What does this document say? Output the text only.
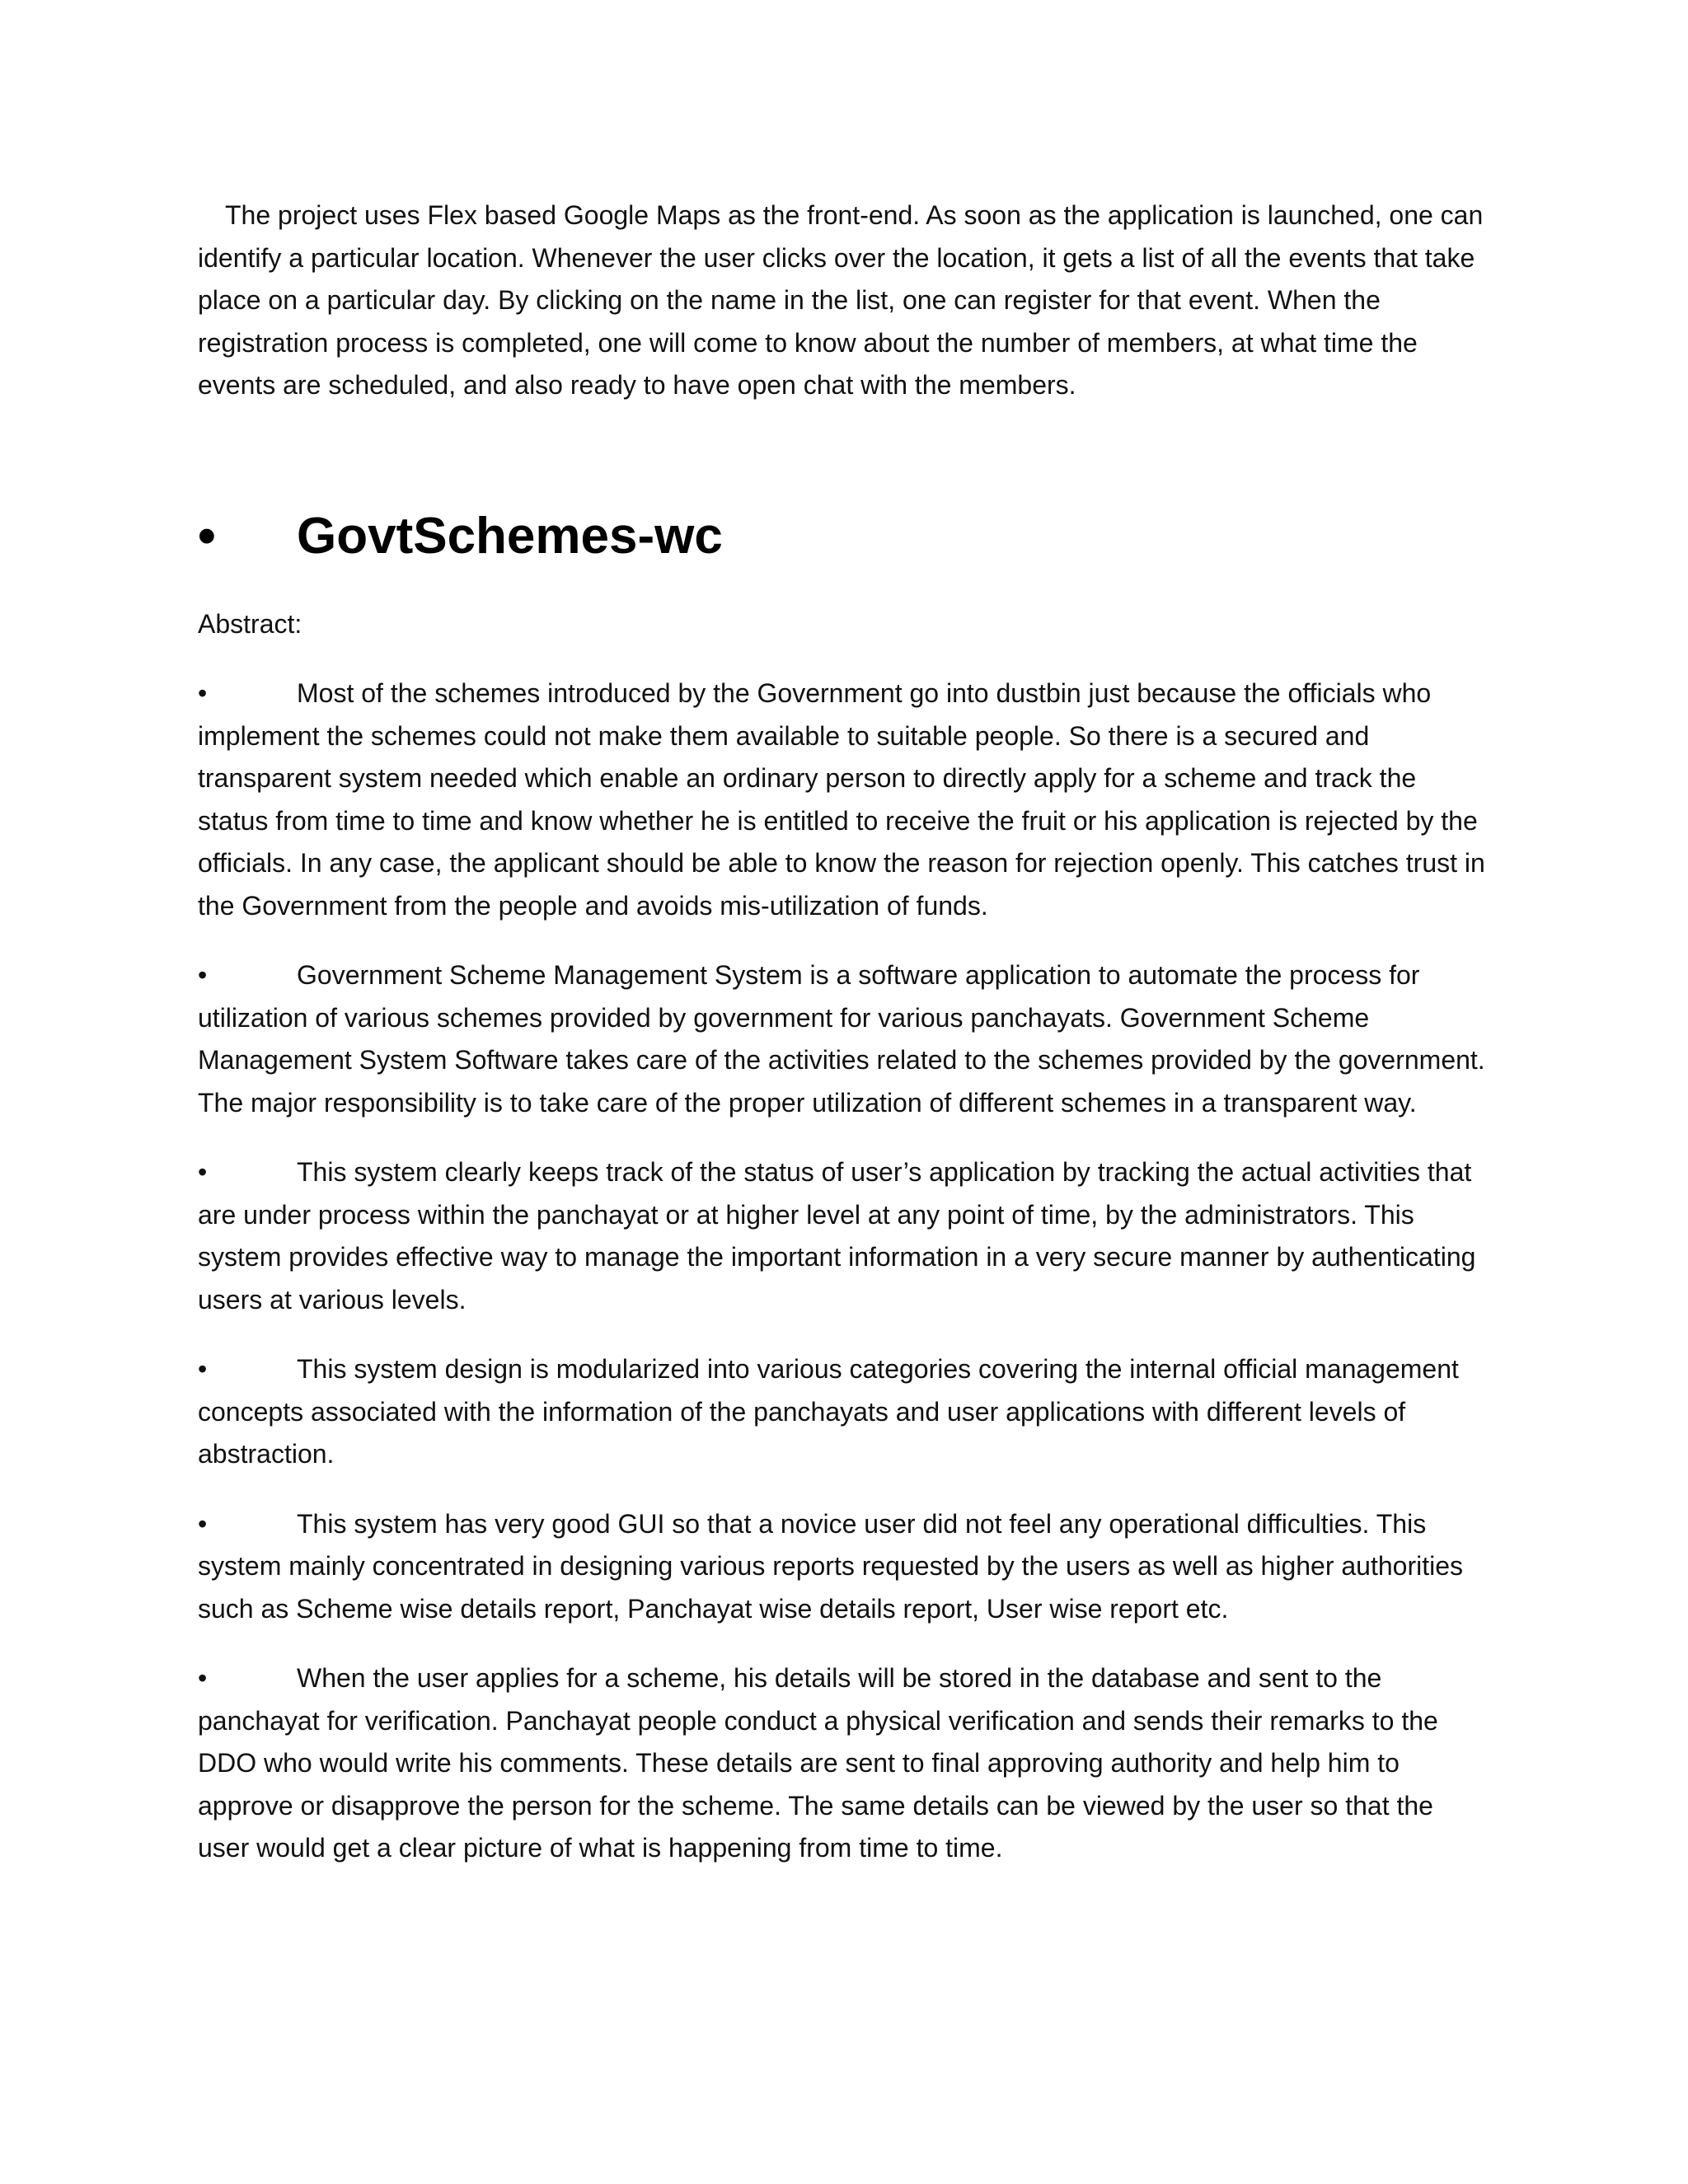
The project uses Flex based Google Maps as the front-end. As soon as the application is launched, one can identify a particular location. Whenever the user clicks over the location, it gets a list of all the events that take place on a particular day. By clicking on the name in the list, one can register for that event. When the registration process is completed, one will come to know about the number of members, at what time the events are scheduled, and also ready to have open chat with the members.

• GovtSchemes-wc

Abstract:

•	Most of the schemes introduced by the Government go into dustbin just because the officials who implement the schemes could not make them available to suitable people. So there is a secured and transparent system needed which enable an ordinary person to directly apply for a scheme and track the status from time to time and know whether he is entitled to receive the fruit or his application is rejected by the officials. In any case, the applicant should be able to know the reason for rejection openly. This catches trust in the Government from the people and avoids mis-utilization of funds.

•	Government Scheme Management System is a software application to automate the process for utilization of various schemes provided by government for various panchayats. Government Scheme Management System Software takes care of the activities related to the schemes provided by the government. The major responsibility is to take care of the proper utilization of different schemes in a transparent way.

•	This system clearly keeps track of the status of user’s application by tracking the actual activities that are under process within the panchayat or at higher level at any point of time, by the administrators. This system provides effective way to manage the important information in a very secure manner by authenticating users at various levels.

•	This system design is modularized into various categories covering the internal official management concepts associated with the information of the panchayats and user applications with different levels of abstraction.

•	This system has very good GUI so that a novice user did not feel any operational difficulties. This system mainly concentrated in designing various reports requested by the users as well as higher authorities such as Scheme wise details report, Panchayat wise details report, User wise report etc.

•	When the user applies for a scheme, his details will be stored in the database and sent to the panchayat for verification. Panchayat people conduct a physical verification and sends their remarks to the DDO who would write his comments. These details are sent to final approving authority and help him to approve or disapprove the person for the scheme. The same details can be viewed by the user so that the user would get a clear picture of what is happening from time to time.
